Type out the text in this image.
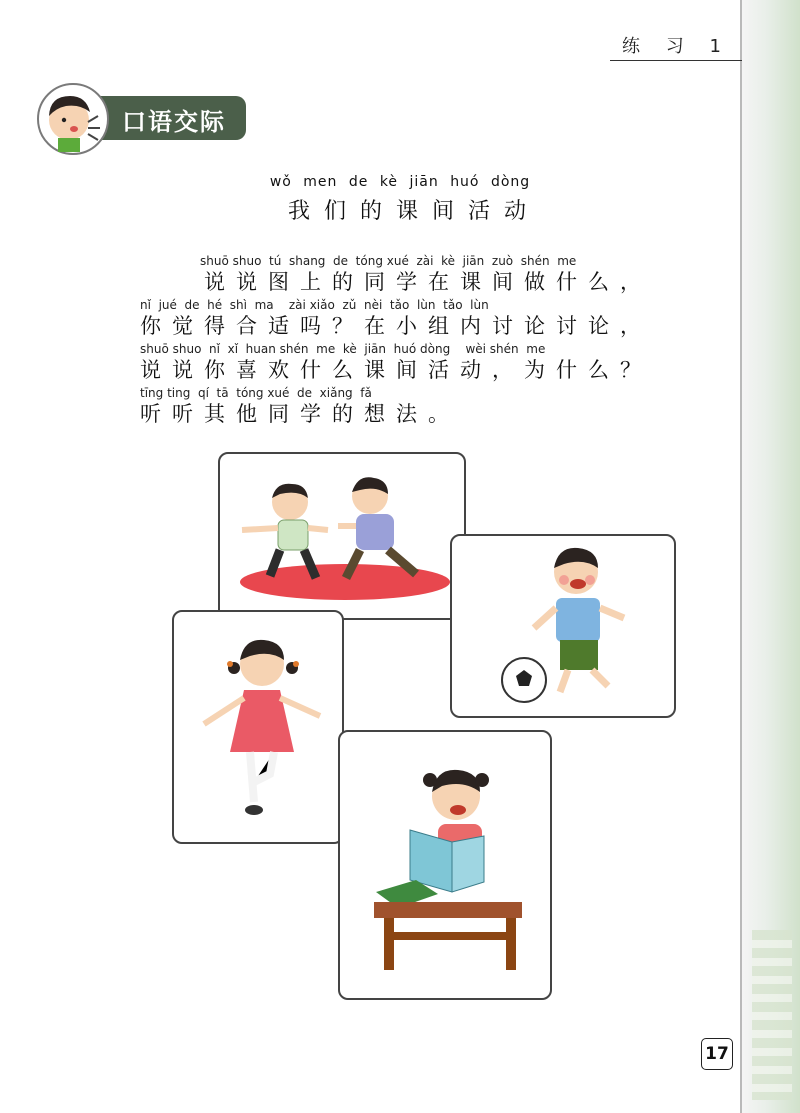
练 习 1
口语交际
wǒ men de kè jiān huó dòng
我们的课间活动
shuō shuo  tú  shang  de  tóng xué  zài  kè  jiān  zuò  shén  me
说说图上的同学在课间做什么，
nǐ  jué  de  hé  shì  ma    zài xiǎo  zǔ  nèi  tǎo  lùn  tǎo  lùn
你觉得合适吗？在小组内讨论讨论，
shuō shuo  nǐ  xǐ  huan shén  me  kè  jiān  huó dòng    wèi shén  me
说说你喜欢什么课间活动，为什么？
tīng ting  qí  tā  tóng xué  de  xiǎng  fǎ
听听其他同学的想法。
17
